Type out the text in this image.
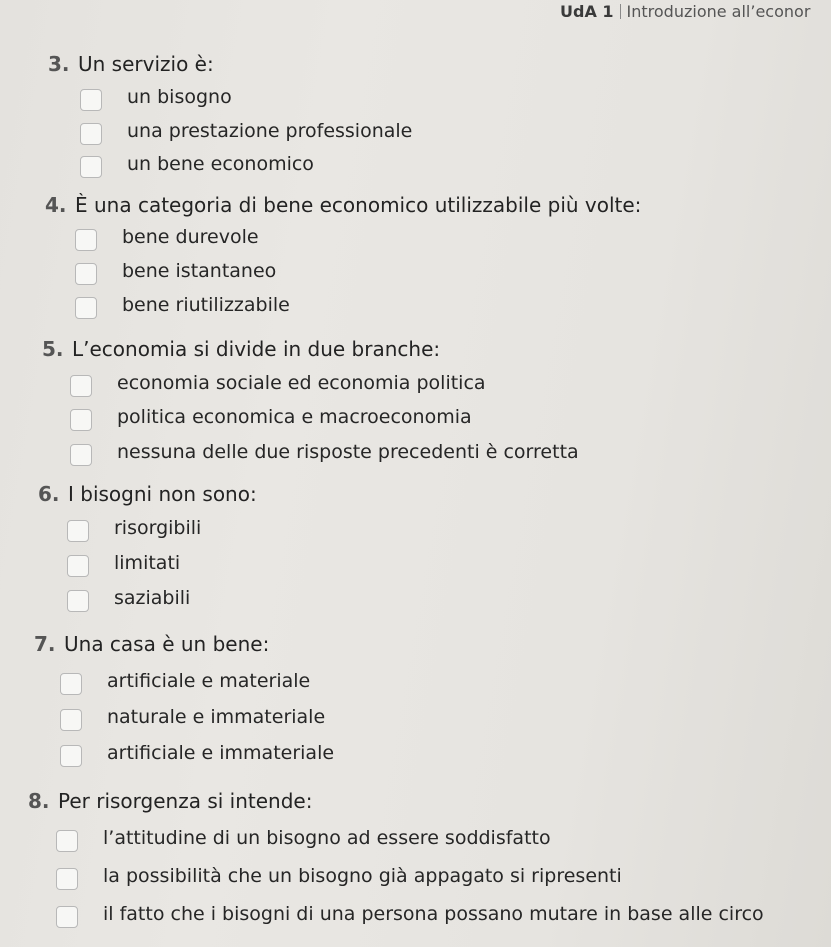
UdA 1 Introduzione all’econor
3. Un servizio è:
un bisogno
una prestazione professionale
un bene economico
4. È una categoria di bene economico utilizzabile più volte:
bene durevole
bene istantaneo
bene riutilizzabile
5. L’economia si divide in due branche:
economia sociale ed economia politica
politica economica e macroeconomia
nessuna delle due risposte precedenti è corretta
6. I bisogni non sono:
risorgibili
limitati
saziabili
7. Una casa è un bene:
artificiale e materiale
naturale e immateriale
artificiale e immateriale
8. Per risorgenza si intende:
l’attitudine di un bisogno ad essere soddisfatto
la possibilità che un bisogno già appagato si ripresenti
il fatto che i bisogni di una persona possano mutare in base alle circo
